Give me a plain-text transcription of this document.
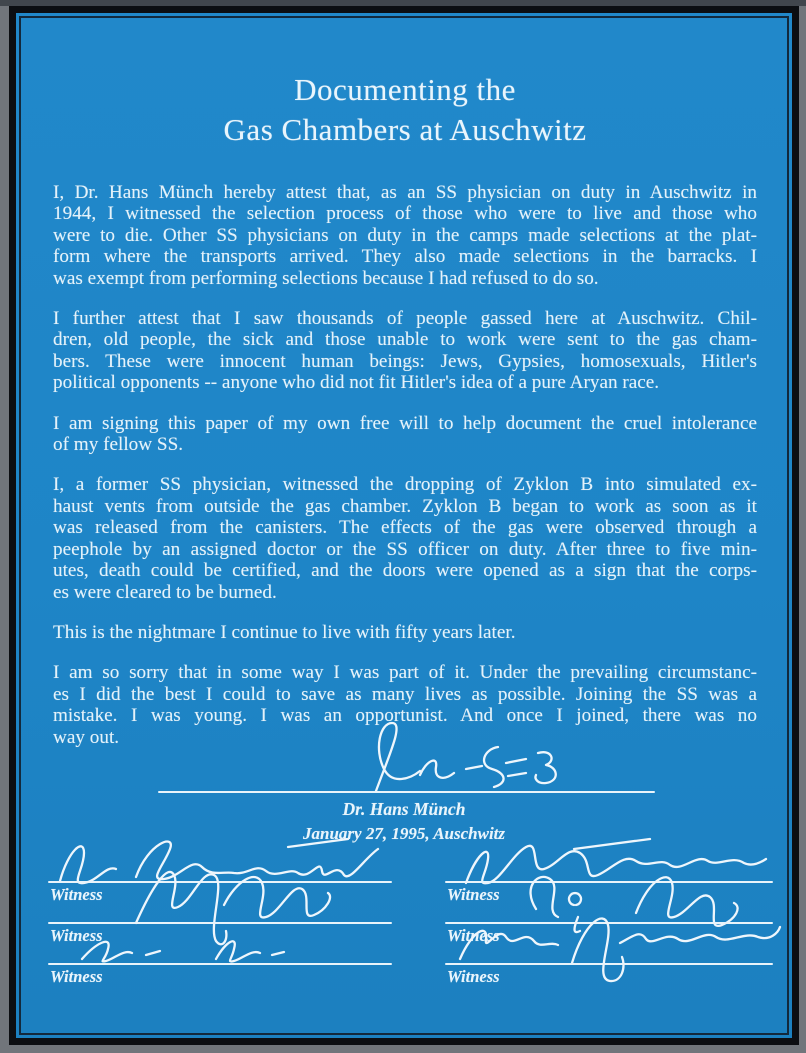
Documenting the
Gas Chambers at Auschwitz
I, Dr. Hans Münch hereby attest that, as an SS physician on duty in Auschwitz in
1944, I witnessed the selection process of those who were to live and those who
were to die. Other SS physicians on duty in the camps made selections at the plat-
form where the transports arrived. They also made selections in the barracks. I
was exempt from performing selections because I had refused to do so.
I further attest that I saw thousands of people gassed here at Auschwitz. Chil-
dren, old people, the sick and those unable to work were sent to the gas cham-
bers. These were innocent human beings: Jews, Gypsies, homosexuals, Hitler's
political opponents -- anyone who did not fit Hitler's idea of a pure Aryan race.
I am signing this paper of my own free will to help document the cruel intolerance
of my fellow SS.
I, a former SS physician, witnessed the dropping of Zyklon B into simulated ex-
haust vents from outside the gas chamber. Zyklon B began to work as soon as it
was released from the canisters. The effects of the gas were observed through a
peephole by an assigned doctor or the SS officer on duty. After three to five min-
utes, death could be certified, and the doors were opened as a sign that the corps-
es were cleared to be burned.
This is the nightmare I continue to live with fifty years later.
I am so sorry that in some way I was part of it. Under the prevailing circumstanc-
es I did the best I could to save as many lives as possible. Joining the SS was a
mistake. I was young. I was an opportunist. And once I joined, there was no
way out.
Dr. Hans Münch
January 27, 1995, Auschwitz
Witness
Witness
Witness
Witness
Witness
Witness
